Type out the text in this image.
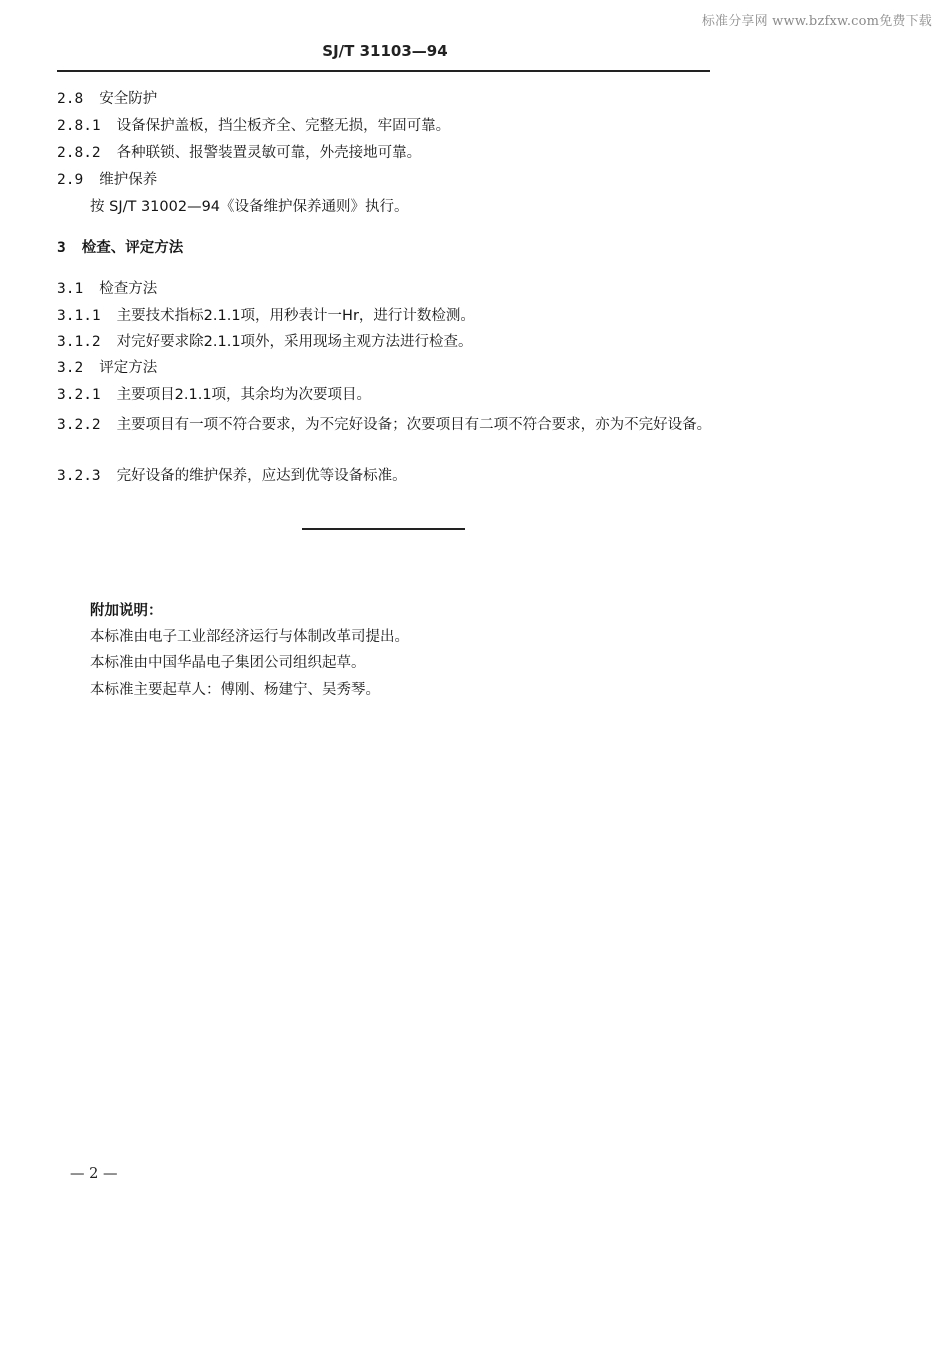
标准分享网 www.bzfxw.com免费下载
SJ/T 31103—94
2.8 安全防护
2.8.1 设备保护盖板，挡尘板齐全、完整无损，牢固可靠。
2.8.2 各种联锁、报警装置灵敏可靠，外壳接地可靠。
2.9 维护保养
按 SJ/T 31002—94《设备维护保养通则》执行。
3 检查、评定方法
3.1 检查方法
3.1.1 主要技术指标2.1.1项，用秒表计一Hr，进行计数检测。
3.1.2 对完好要求除2.1.1项外，采用现场主观方法进行检查。
3.2 评定方法
3.2.1 主要项目2.1.1项，其余均为次要项目。
3.2.2 主要项目有一项不符合要求，为不完好设备；次要项目有二项不符合要求，亦为不完好设备。
3.2.3 完好设备的维护保养，应达到优等设备标准。
附加说明：
本标准由电子工业部经济运行与体制改革司提出。
本标准由中国华晶电子集团公司组织起草。
本标准主要起草人：傅刚、杨建宁、吴秀琴。
— 2 —
